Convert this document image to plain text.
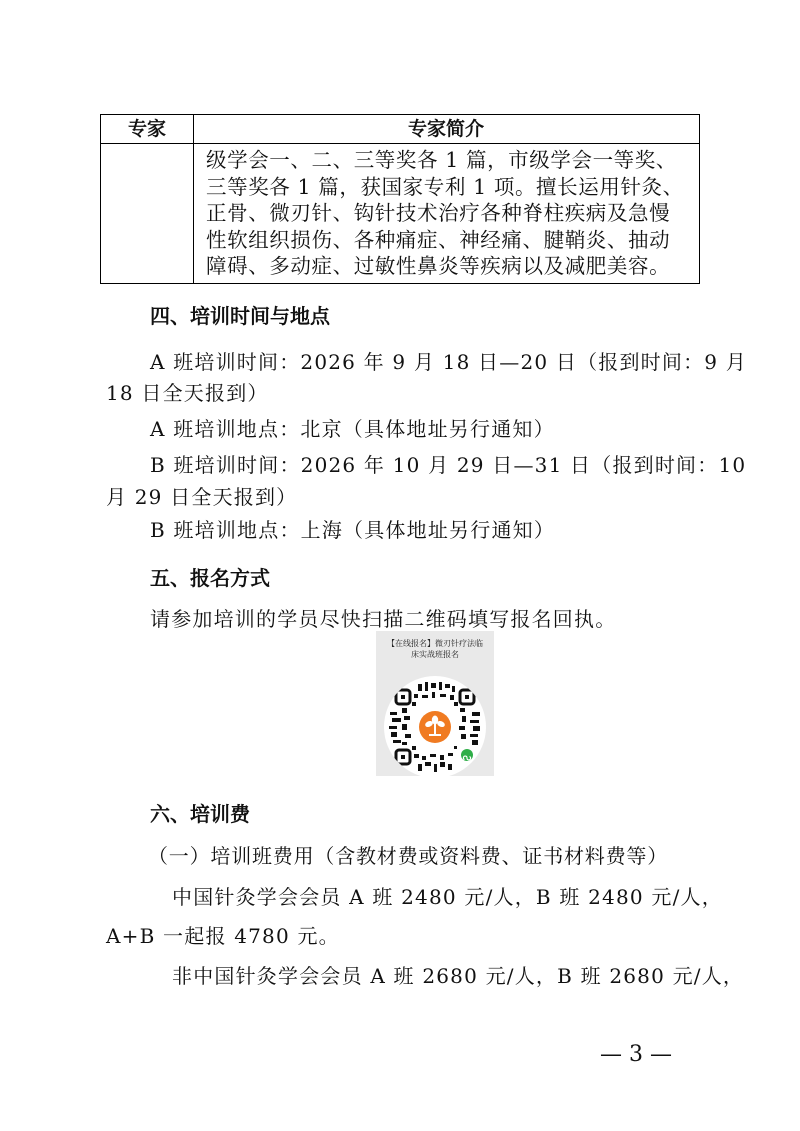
专家	专家简介
级学会一、二、三等奖各 1 篇，市级学会一等奖、
三等奖各 1 篇，获国家专利 1 项。擅长运用针灸、
正骨、微刃针、钩针技术治疗各种脊柱疾病及急慢
性软组织损伤、各种痛症、神经痛、腱鞘炎、抽动
障碍、多动症、过敏性鼻炎等疾病以及减肥美容。
四、培训时间与地点
A 班培训时间：2026 年 9 月 18 日—20 日（报到时间：9 月
18 日全天报到）
A 班培训地点：北京（具体地址另行通知）
B 班培训时间：2026 年 10 月 29 日—31 日（报到时间：10
月 29 日全天报到）
B 班培训地点：上海（具体地址另行通知）
五、报名方式
请参加培训的学员尽快扫描二维码填写报名回执。
【在线报名】微刃针疗法临
床实战班报名
六、培训费
（一）培训班费用（含教材费或资料费、证书材料费等）
中国针灸学会会员 A 班 2480 元/人，B 班 2480 元/人，
A+B 一起报 4780 元。
非中国针灸学会会员 A 班 2680 元/人，B 班 2680 元/人，
— 3 —
